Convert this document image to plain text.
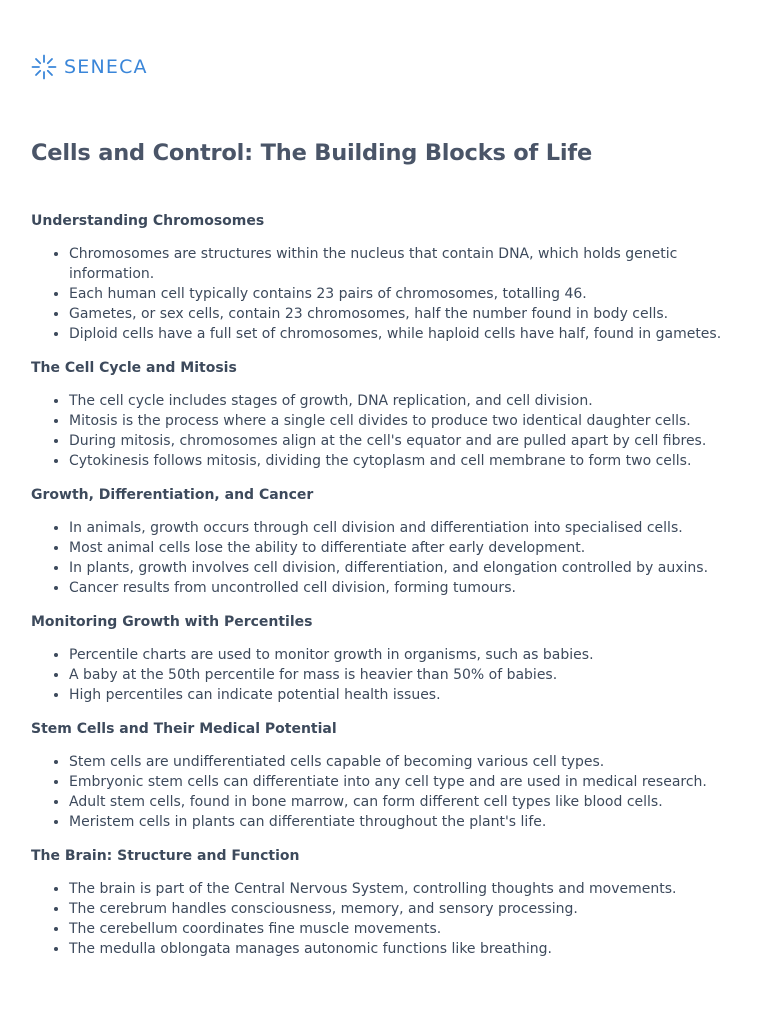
SENECA
Cells and Control: The Building Blocks of Life
Understanding Chromosomes
• Chromosomes are structures within the nucleus that contain DNA, which holds genetic information.
• Each human cell typically contains 23 pairs of chromosomes, totalling 46.
• Gametes, or sex cells, contain 23 chromosomes, half the number found in body cells.
• Diploid cells have a full set of chromosomes, while haploid cells have half, found in gametes.
The Cell Cycle and Mitosis
• The cell cycle includes stages of growth, DNA replication, and cell division.
• Mitosis is the process where a single cell divides to produce two identical daughter cells.
• During mitosis, chromosomes align at the cell's equator and are pulled apart by cell fibres.
• Cytokinesis follows mitosis, dividing the cytoplasm and cell membrane to form two cells.
Growth, Differentiation, and Cancer
• In animals, growth occurs through cell division and differentiation into specialised cells.
• Most animal cells lose the ability to differentiate after early development.
• In plants, growth involves cell division, differentiation, and elongation controlled by auxins.
• Cancer results from uncontrolled cell division, forming tumours.
Monitoring Growth with Percentiles
• Percentile charts are used to monitor growth in organisms, such as babies.
• A baby at the 50th percentile for mass is heavier than 50% of babies.
• High percentiles can indicate potential health issues.
Stem Cells and Their Medical Potential
• Stem cells are undifferentiated cells capable of becoming various cell types.
• Embryonic stem cells can differentiate into any cell type and are used in medical research.
• Adult stem cells, found in bone marrow, can form different cell types like blood cells.
• Meristem cells in plants can differentiate throughout the plant's life.
The Brain: Structure and Function
• The brain is part of the Central Nervous System, controlling thoughts and movements.
• The cerebrum handles consciousness, memory, and sensory processing.
• The cerebellum coordinates fine muscle movements.
• The medulla oblongata manages autonomic functions like breathing.
